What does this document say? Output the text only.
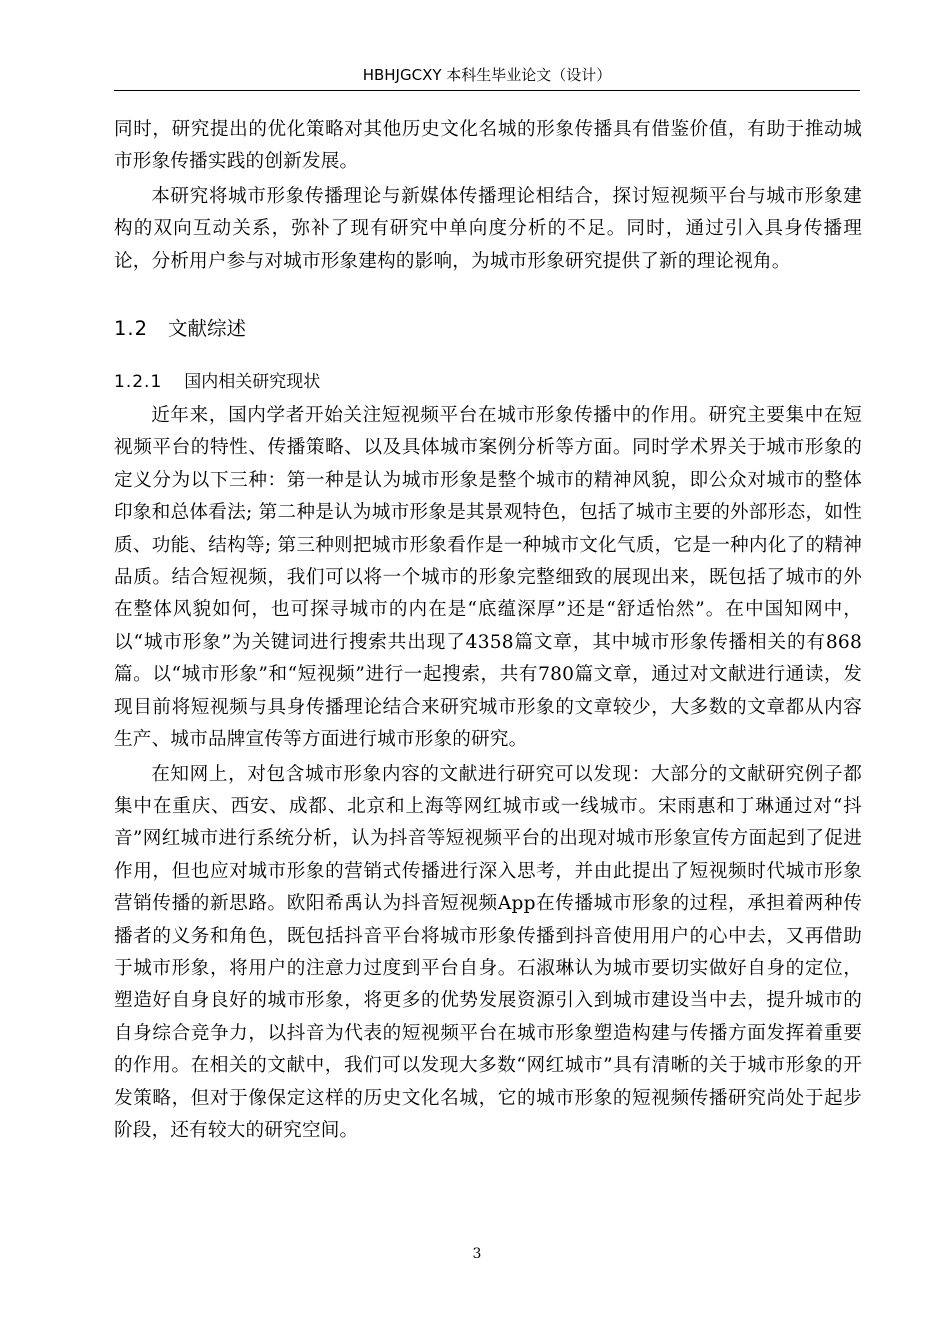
HBHJGCXY 本科生毕业论文（设计）

同时，研究提出的优化策略对其他历史文化名城的形象传播具有借鉴价值，有助于推动城市形象传播实践的创新发展。

本研究将城市形象传播理论与新媒体传播理论相结合，探讨短视频平台与城市形象建构的双向互动关系，弥补了现有研究中单向度分析的不足。同时，通过引入具身传播理论，分析用户参与对城市形象建构的影响，为城市形象研究提供了新的理论视角。

1.2 文献综述
1.2.1 国内相关研究现状

近年来，国内学者开始关注短视频平台在城市形象传播中的作用。研究主要集中在短视频平台的特性、传播策略、以及具体城市案例分析等方面。同时学术界关于城市形象的定义分为以下三种：第一种是认为城市形象是整个城市的精神风貌，即公众对城市的整体印象和总体看法; 第二种是认为城市形象是其景观特色，包括了城市主要的外部形态，如性质、功能、结构等; 第三种则把城市形象看作是一种城市文化气质，它是一种内化了的精神品质。结合短视频，我们可以将一个城市的形象完整细致的展现出来，既包括了城市的外在整体风貌如何，也可探寻城市的内在是“底蕴深厚”还是“舒适怡然”。在中国知网中，以“城市形象”为关键词进行搜索共出现了4358篇文章，其中城市形象传播相关的有868篇。以“城市形象”和“短视频”进行一起搜索，共有780篇文章，通过对文献进行通读，发现目前将短视频与具身传播理论结合来研究城市形象的文章较少，大多数的文章都从内容生产、城市品牌宣传等方面进行城市形象的研究。

在知网上，对包含城市形象内容的文献进行研究可以发现：大部分的文献研究例子都集中在重庆、西安、成都、北京和上海等网红城市或一线城市。宋雨惠和丁琳通过对“抖音”网红城市进行系统分析，认为抖音等短视频平台的出现对城市形象宣传方面起到了促进作用，但也应对城市形象的营销式传播进行深入思考，并由此提出了短视频时代城市形象营销传播的新思路。欧阳希禹认为抖音短视频App在传播城市形象的过程，承担着两种传播者的义务和角色，既包括抖音平台将城市形象传播到抖音使用用户的心中去，又再借助于城市形象，将用户的注意力过度到平台自身。石淑琳认为城市要切实做好自身的定位，塑造好自身良好的城市形象，将更多的优势发展资源引入到城市建设当中去，提升城市的自身综合竞争力，以抖音为代表的短视频平台在城市形象塑造构建与传播方面发挥着重要的作用。在相关的文献中，我们可以发现大多数“网红城市”具有清晰的关于城市形象的开发策略，但对于像保定这样的历史文化名城，它的城市形象的短视频传播研究尚处于起步阶段，还有较大的研究空间。

3
